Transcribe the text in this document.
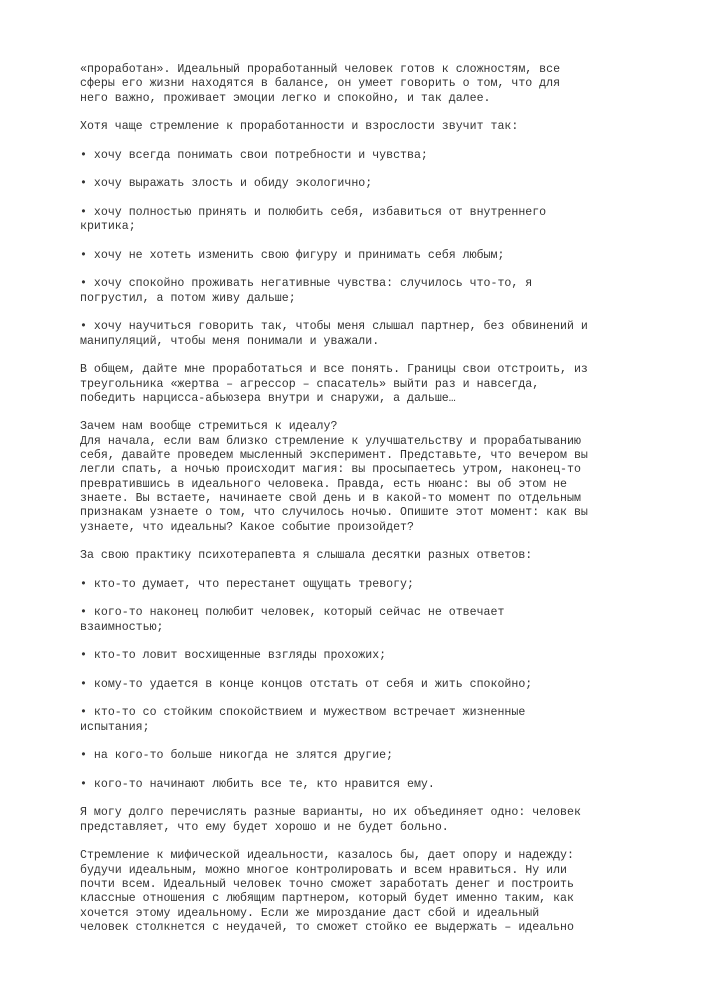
«проработан». Идеальный проработанный человек готов к сложностям, все
сферы его жизни находятся в балансе, он умеет говорить о том, что для
него важно, проживает эмоции легко и спокойно, и так далее.

Хотя чаще стремление к проработанности и взрослости звучит так:

• хочу всегда понимать свои потребности и чувства;

• хочу выражать злость и обиду экологично;

• хочу полностью принять и полюбить себя, избавиться от внутреннего
критика;

• хочу не хотеть изменить свою фигуру и принимать себя любым;

• хочу спокойно проживать негативные чувства: случилось что-то, я
погрустил, а потом живу дальше;

• хочу научиться говорить так, чтобы меня слышал партнер, без обвинений и
манипуляций, чтобы меня понимали и уважали.

В общем, дайте мне проработаться и все понять. Границы свои отстроить, из
треугольника «жертва – агрессор – спасатель» выйти раз и навсегда,
победить нарцисса-абьюзера внутри и снаружи, а дальше…

Зачем нам вообще стремиться к идеалу?

Для начала, если вам близко стремление к улучшательству и прорабатыванию
себя, давайте проведем мысленный эксперимент. Представьте, что вечером вы
легли спать, а ночью происходит магия: вы просыпаетесь утром, наконец-то
превратившись в идеального человека. Правда, есть нюанс: вы об этом не
знаете. Вы встаете, начинаете свой день и в какой-то момент по отдельным
признакам узнаете о том, что случилось ночью. Опишите этот момент: как вы
узнаете, что идеальны? Какое событие произойдет?

За свою практику психотерапевта я слышала десятки разных ответов:

• кто-то думает, что перестанет ощущать тревогу;

• кого-то наконец полюбит человек, который сейчас не отвечает
взаимностью;

• кто-то ловит восхищенные взгляды прохожих;

• кому-то удается в конце концов отстать от себя и жить спокойно;

• кто-то со стойким спокойствием и мужеством встречает жизненные
испытания;

• на кого-то больше никогда не злятся другие;

• кого-то начинают любить все те, кто нравится ему.

Я могу долго перечислять разные варианты, но их объединяет одно: человек
представляет, что ему будет хорошо и не будет больно.

Стремление к мифической идеальности, казалось бы, дает опору и надежду:
будучи идеальным, можно многое контролировать и всем нравиться. Ну или
почти всем. Идеальный человек точно сможет заработать денег и построить
классные отношения с любящим партнером, который будет именно таким, как
хочется этому идеальному. Если же мироздание даст сбой и идеальный
человек столкнется с неудачей, то сможет стойко ее выдержать – идеально
